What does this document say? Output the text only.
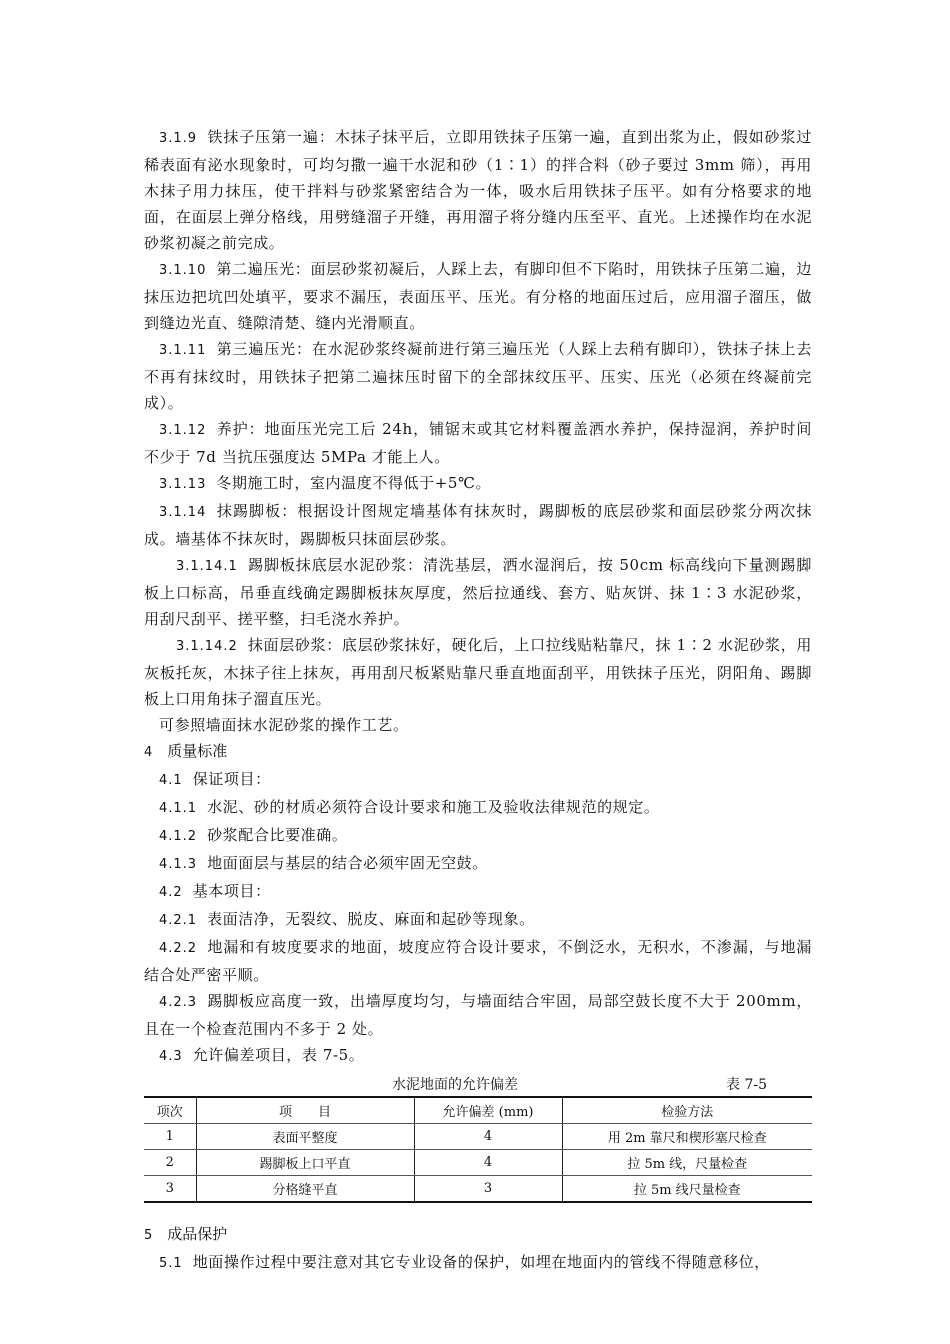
3.1.9 铁抹子压第一遍：木抹子抹平后，立即用铁抹子压第一遍，直到出浆为止，假如砂浆过稀表面有泌水现象时，可均匀撒一遍干水泥和砂（1∶1）的拌合料（砂子要过 3mm 筛），再用木抹子用力抹压，使干拌料与砂浆紧密结合为一体，吸水后用铁抹子压平。如有分格要求的地面，在面层上弹分格线，用劈缝溜子开缝，再用溜子将分缝内压至平、直光。上述操作均在水泥砂浆初凝之前完成。

3.1.10 第二遍压光：面层砂浆初凝后，人踩上去，有脚印但不下陷时，用铁抹子压第二遍，边抹压边把坑凹处填平，要求不漏压，表面压平、压光。有分格的地面压过后，应用溜子溜压，做到缝边光直、缝隙清楚、缝内光滑顺直。

3.1.11 第三遍压光：在水泥砂浆终凝前进行第三遍压光（人踩上去稍有脚印），铁抹子抹上去不再有抹纹时，用铁抹子把第二遍抹压时留下的全部抹纹压平、压实、压光（必须在终凝前完成）。

3.1.12 养护：地面压光完工后 24h，铺锯末或其它材料覆盖洒水养护，保持湿润，养护时间不少于 7d 当抗压强度达 5MPa 才能上人。

3.1.13 冬期施工时，室内温度不得低于+5℃。

3.1.14 抹踢脚板：根据设计图规定墙基体有抹灰时，踢脚板的底层砂浆和面层砂浆分两次抹成。墙基体不抹灰时，踢脚板只抹面层砂浆。

3.1.14.1 踢脚板抹底层水泥砂浆：清洗基层，洒水湿润后，按 50cm 标高线向下量测踢脚板上口标高，吊垂直线确定踢脚板抹灰厚度，然后拉通线、套方、贴灰饼、抹 1∶3 水泥砂浆，用刮尺刮平、搓平整，扫毛浇水养护。

3.1.14.2 抹面层砂浆：底层砂浆抹好，硬化后，上口拉线贴粘靠尺，抹 1∶2 水泥砂浆，用灰板托灰，木抹子往上抹灰，再用刮尺板紧贴靠尺垂直地面刮平，用铁抹子压光，阴阳角、踢脚板上口用角抹子溜直压光。

可参照墙面抹水泥砂浆的操作工艺。

4 质量标准

4.1 保证项目：

4.1.1 水泥、砂的材质必须符合设计要求和施工及验收法律规范的规定。

4.1.2 砂浆配合比要准确。

4.1.3 地面面层与基层的结合必须牢固无空鼓。

4.2 基本项目：

4.2.1 表面洁净，无裂纹、脱皮、麻面和起砂等现象。

4.2.2 地漏和有坡度要求的地面，坡度应符合设计要求，不倒泛水，无积水，不渗漏，与地漏结合处严密平顺。

4.2.3 踢脚板应高度一致，出墙厚度均匀，与墙面结合牢固，局部空鼓长度不大于 200mm，且在一个检查范围内不多于 2 处。

4.3 允许偏差项目，表 7-5。

水泥地面的允许偏差	表 7-5
项次	项　　目	允许偏差 (mm)	检验方法
1	表面平整度	4	用 2m 靠尺和楔形塞尺检查
2	踢脚板上口平直	4	拉 5m 线，尺量检查
3	分格缝平直	3	拉 5m 线尺量检查

5 成品保护

5.1 地面操作过程中要注意对其它专业设备的保护，如埋在地面内的管线不得随意移位，
